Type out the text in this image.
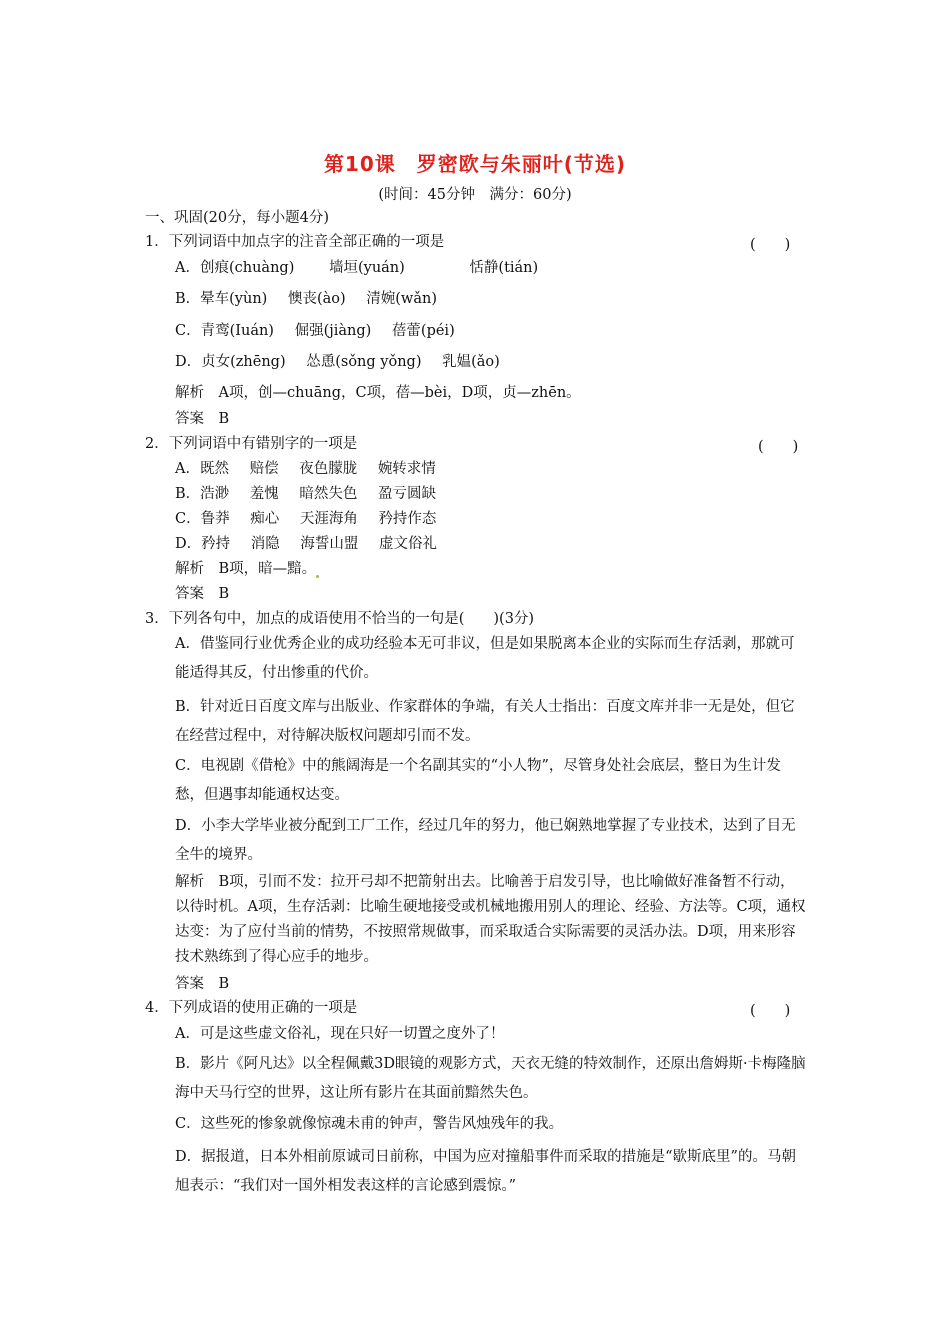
第10课　罗密欧与朱丽叶(节选)
(时间：45分钟　满分：60分)
一、巩固(20分，每小题4分)
1．下列词语中加点字的注音全部正确的一项是	(　　)
A．创痕(chuàng) 墙垣(yuán)	恬静(tián)
B．晕车(yùn) 懊丧(ào) 清婉(wǎn)
C．青鸾(Iuán) 倔强(jiàng) 蓓蕾(péi)
D．贞女(zhēng) 怂恿(sǒng yǒng) 乳媪(ǎo)
解析　A项，创—chuāng，C项，蓓—bèi，D项，贞—zhēn。
答案　B
2．下列词语中有错别字的一项是	(　　)
A．既然 赔偿 夜色朦胧 婉转求情
B．浩渺 羞愧 暗然失色 盈亏圆缺
C．鲁莽 痴心 天涯海角 矜持作态
D．矜持 消隐 海誓山盟 虚文俗礼
解析　B项，暗—黯。
答案　B
3．下列各句中，加点的成语使用不恰当的一句是(　　)(3分)
A．借鉴同行业优秀企业的成功经验本无可非议，但是如果脱离本企业的实际而生存活剥，那就可能适得其反，付出惨重的代价。
B．针对近日百度文库与出版业、作家群体的争端，有关人士指出：百度文库并非一无是处，但它在经营过程中，对待解决版权问题却引而不发。
C．电视剧《借枪》中的熊阔海是一个名副其实的“小人物”，尽管身处社会底层，整日为生计发愁，但遇事却能通权达变。
D．小李大学毕业被分配到工厂工作，经过几年的努力，他已娴熟地掌握了专业技术，达到了目无全牛的境界。
解析　B项，引而不发：拉开弓却不把箭射出去。比喻善于启发引导，也比喻做好准备暂不行动，以待时机。A项，生存活剥：比喻生硬地接受或机械地搬用别人的理论、经验、方法等。C项，通权达变：为了应付当前的情势，不按照常规做事，而采取适合实际需要的灵活办法。D项，用来形容技术熟练到了得心应手的地步。
答案　B
4．下列成语的使用正确的一项是	(　　)
A．可是这些虚文俗礼，现在只好一切置之度外了！
B．影片《阿凡达》以全程佩戴3D眼镜的观影方式，天衣无缝的特效制作，还原出詹姆斯·卡梅隆脑海中天马行空的世界，这让所有影片在其面前黯然失色。
C．这些死的惨象就像惊魂未甫的钟声，警告风烛残年的我。
D．据报道，日本外相前原诚司日前称，中国为应对撞船事件而采取的措施是“歇斯底里”的。马朝旭表示：“我们对一国外相发表这样的言论感到震惊。”
